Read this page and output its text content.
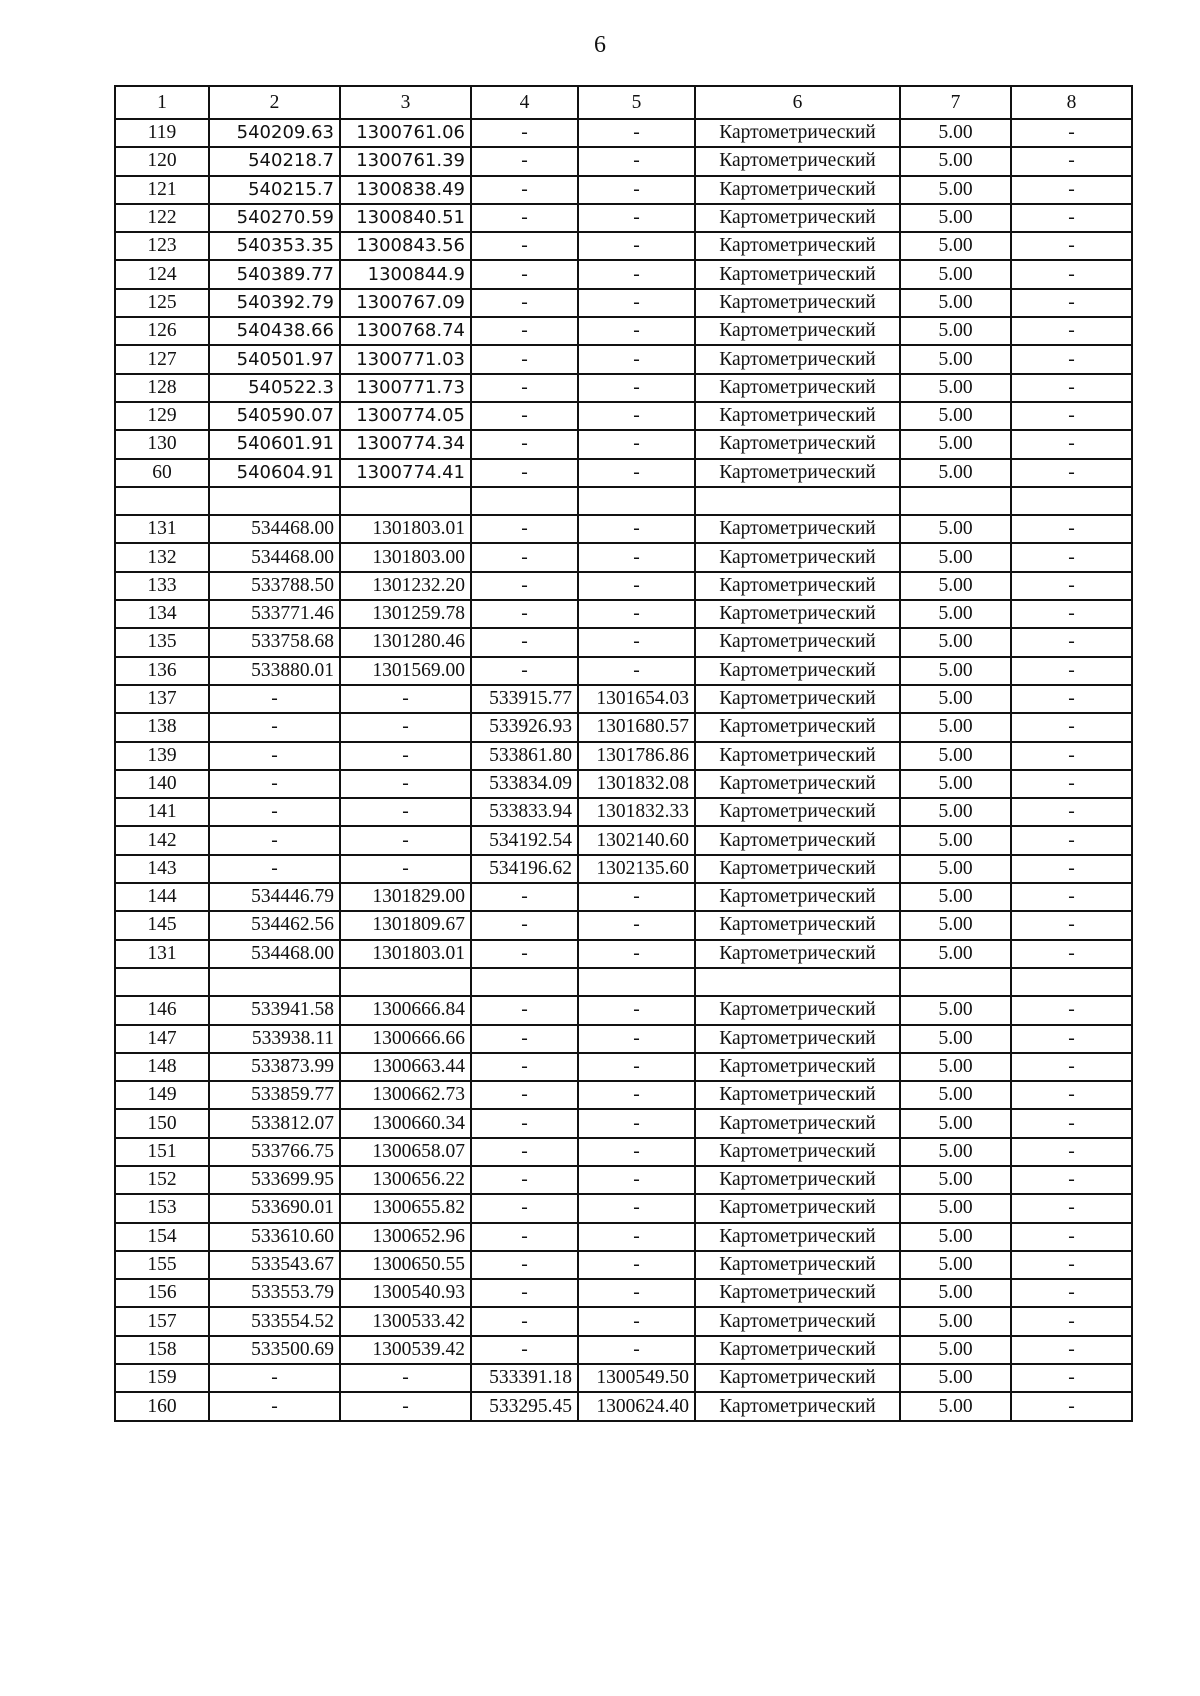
6
1	2	3	4	5	6	7	8
119	540209.63	1300761.06	-	-	Картометрический	5.00	-
120	540218.7	1300761.39	-	-	Картометрический	5.00	-
121	540215.7	1300838.49	-	-	Картометрический	5.00	-
122	540270.59	1300840.51	-	-	Картометрический	5.00	-
123	540353.35	1300843.56	-	-	Картометрический	5.00	-
124	540389.77	1300844.9	-	-	Картометрический	5.00	-
125	540392.79	1300767.09	-	-	Картометрический	5.00	-
126	540438.66	1300768.74	-	-	Картометрический	5.00	-
127	540501.97	1300771.03	-	-	Картометрический	5.00	-
128	540522.3	1300771.73	-	-	Картометрический	5.00	-
129	540590.07	1300774.05	-	-	Картометрический	5.00	-
130	540601.91	1300774.34	-	-	Картометрический	5.00	-
60	540604.91	1300774.41	-	-	Картометрический	5.00	-

131	534468.00	1301803.01	-	-	Картометрический	5.00	-
132	534468.00	1301803.00	-	-	Картометрический	5.00	-
133	533788.50	1301232.20	-	-	Картометрический	5.00	-
134	533771.46	1301259.78	-	-	Картометрический	5.00	-
135	533758.68	1301280.46	-	-	Картометрический	5.00	-
136	533880.01	1301569.00	-	-	Картометрический	5.00	-
137	-	-	533915.77	1301654.03	Картометрический	5.00	-
138	-	-	533926.93	1301680.57	Картометрический	5.00	-
139	-	-	533861.80	1301786.86	Картометрический	5.00	-
140	-	-	533834.09	1301832.08	Картометрический	5.00	-
141	-	-	533833.94	1301832.33	Картометрический	5.00	-
142	-	-	534192.54	1302140.60	Картометрический	5.00	-
143	-	-	534196.62	1302135.60	Картометрический	5.00	-
144	534446.79	1301829.00	-	-	Картометрический	5.00	-
145	534462.56	1301809.67	-	-	Картометрический	5.00	-
131	534468.00	1301803.01	-	-	Картометрический	5.00	-

146	533941.58	1300666.84	-	-	Картометрический	5.00	-
147	533938.11	1300666.66	-	-	Картометрический	5.00	-
148	533873.99	1300663.44	-	-	Картометрический	5.00	-
149	533859.77	1300662.73	-	-	Картометрический	5.00	-
150	533812.07	1300660.34	-	-	Картометрический	5.00	-
151	533766.75	1300658.07	-	-	Картометрический	5.00	-
152	533699.95	1300656.22	-	-	Картометрический	5.00	-
153	533690.01	1300655.82	-	-	Картометрический	5.00	-
154	533610.60	1300652.96	-	-	Картометрический	5.00	-
155	533543.67	1300650.55	-	-	Картометрический	5.00	-
156	533553.79	1300540.93	-	-	Картометрический	5.00	-
157	533554.52	1300533.42	-	-	Картометрический	5.00	-
158	533500.69	1300539.42	-	-	Картометрический	5.00	-
159	-	-	533391.18	1300549.50	Картометрический	5.00	-
160	-	-	533295.45	1300624.40	Картометрический	5.00	-
